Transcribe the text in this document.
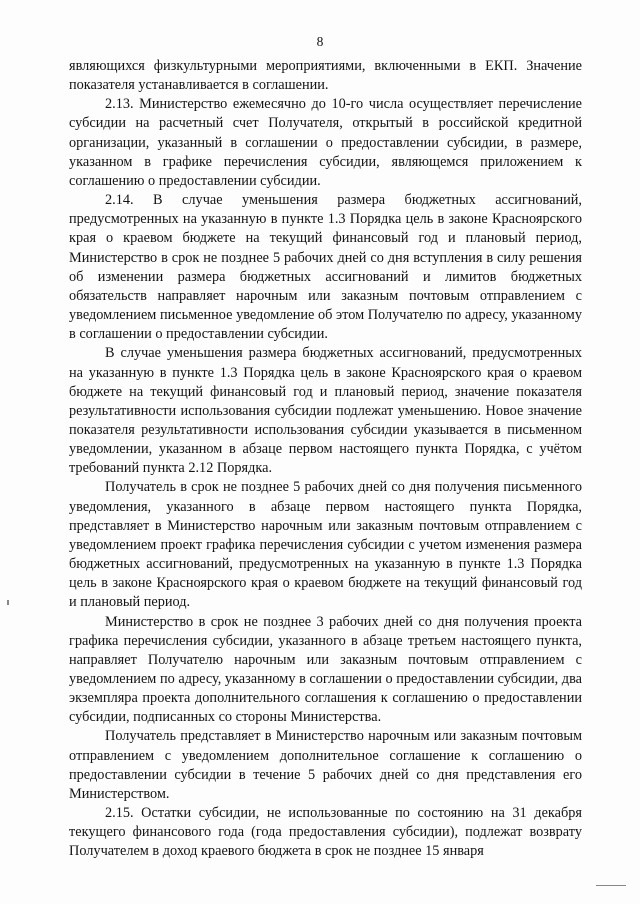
8

являющихся физкультурными мероприятиями, включенными в ЕКП. Значение показателя устанавливается в соглашении.

2.13. Министерство ежемесячно до 10-го числа осуществляет перечисление субсидии на расчетный счет Получателя, открытый в российской кредитной организации, указанный в соглашении о предоставлении субсидии, в размере, указанном в графике перечисления субсидии, являющемся приложением к соглашению о предоставлении субсидии.

2.14. В случае уменьшения размера бюджетных ассигнований, предусмотренных на указанную в пункте 1.3 Порядка цель в законе Красноярского края о краевом бюджете на текущий финансовый год и плановый период, Министерство в срок не позднее 5 рабочих дней со дня вступления в силу решения об изменении размера бюджетных ассигнований и лимитов бюджетных обязательств направляет нарочным или заказным почтовым отправлением с уведомлением письменное уведомление об этом Получателю по адресу, указанному в соглашении о предоставлении субсидии.

В случае уменьшения размера бюджетных ассигнований, предусмотренных на указанную в пункте 1.3 Порядка цель в законе Красноярского края о краевом бюджете на текущий финансовый год и плановый период, значение показателя результативности использования субсидии подлежат уменьшению. Новое значение показателя результативности использования субсидии указывается в письменном уведомлении, указанном в абзаце первом настоящего пункта Порядка, с учётом требований пункта 2.12 Порядка.

Получатель в срок не позднее 5 рабочих дней со дня получения письменного уведомления, указанного в абзаце первом настоящего пункта Порядка, представляет в Министерство нарочным или заказным почтовым отправлением с уведомлением проект графика перечисления субсидии с учетом изменения размера бюджетных ассигнований, предусмотренных на указанную в пункте 1.3 Порядка цель в законе Красноярского края о краевом бюджете на текущий финансовый год и плановый период.

Министерство в срок не позднее 3 рабочих дней со дня получения проекта графика перечисления субсидии, указанного в абзаце третьем настоящего пункта, направляет Получателю нарочным или заказным почтовым отправлением с уведомлением по адресу, указанному в соглашении о предоставлении субсидии, два экземпляра проекта дополнительного соглашения к соглашению о предоставлении субсидии, подписанных со стороны Министерства.

Получатель представляет в Министерство нарочным или заказным почтовым отправлением с уведомлением дополнительное соглашение к соглашению о предоставлении субсидии в течение 5 рабочих дней со дня представления его Министерством.

2.15. Остатки субсидии, не использованные по состоянию на 31 декабря текущего финансового года (года предоставления субсидии), подлежат возврату Получателем в доход краевого бюджета в срок не позднее 15 января
